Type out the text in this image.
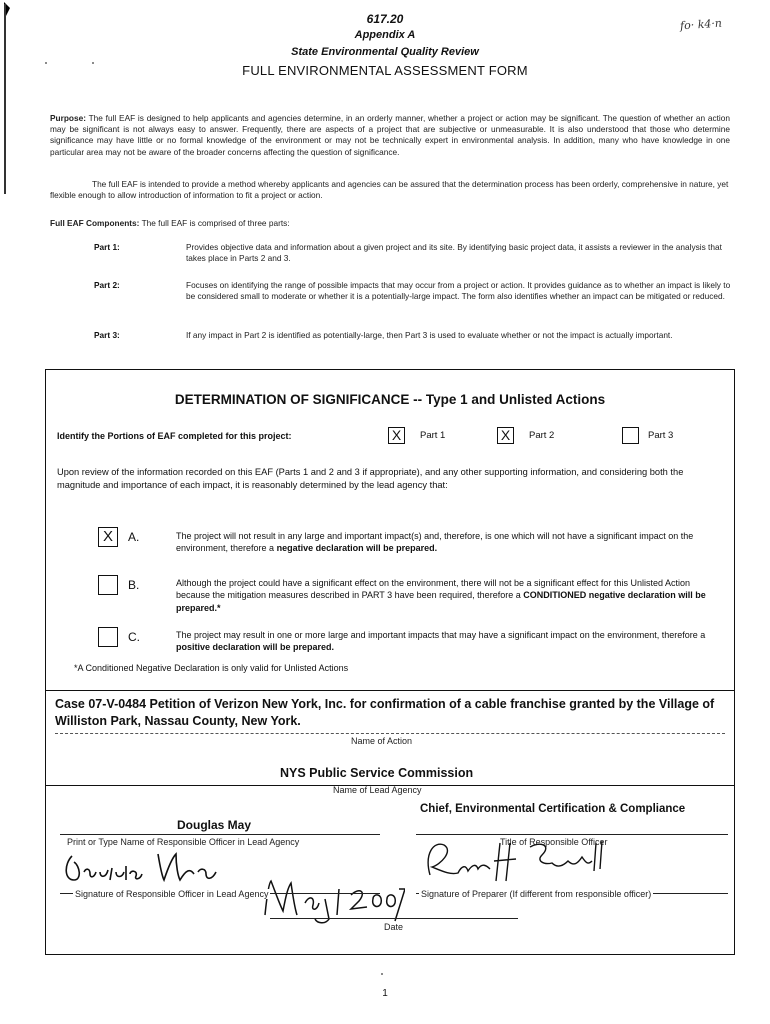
fo· k4·n
617.20
Appendix A
State Environmental Quality Review
FULL ENVIRONMENTAL ASSESSMENT FORM
Purpose: The full EAF is designed to help applicants and agencies determine, in an orderly manner, whether a project or action may be significant. The question of whether an action may be significant is not always easy to answer. Frequently, there are aspects of a project that are subjective or unmeasurable. It is also understood that those who determine significance may have little or no formal knowledge of the environment or may not be technically expert in environmental analysis. In addition, many who have knowledge in one particular area may not be aware of the broader concerns affecting the question of significance.
The full EAF is intended to provide a method whereby applicants and agencies can be assured that the determination process has been orderly, comprehensive in nature, yet flexible enough to allow introduction of information to fit a project or action.
Full EAF Components: The full EAF is comprised of three parts:
Part 1:	Provides objective data and information about a given project and its site. By identifying basic project data, it assists a reviewer in the analysis that takes place in Parts 2 and 3.
Part 2:	Focuses on identifying the range of possible impacts that may occur from a project or action. It provides guidance as to whether an impact is likely to be considered small to moderate or whether it is a potentially-large impact. The form also identifies whether an impact can be mitigated or reduced.
Part 3:	If any impact in Part 2 is identified as potentially-large, then Part 3 is used to evaluate whether or not the impact is actually important.
DETERMINATION OF SIGNIFICANCE -- Type 1 and Unlisted Actions
Identify the Portions of EAF completed for this project:	X	Part 1	X	Part 2	Part 3
Upon review of the information recorded on this EAF (Parts 1 and 2 and 3 if appropriate), and any other supporting information, and considering both the magnitude and importance of each impact, it is reasonably determined by the lead agency that:
X	A.	The project will not result in any large and important impact(s) and, therefore, is one which will not have a significant impact on the environment, therefore a negative declaration will be prepared.
B.	Although the project could have a significant effect on the environment, there will not be a significant effect for this Unlisted Action because the mitigation measures described in PART 3 have been required, therefore a CONDITIONED negative declaration will be prepared.*
C.	The project may result in one or more large and important impacts that may have a significant impact on the environment, therefore a positive declaration will be prepared.
*A Conditioned Negative Declaration is only valid for Unlisted Actions
Case 07-V-0484 Petition of Verizon New York, Inc. for confirmation of a cable franchise granted by the Village of Williston Park, Nassau County, New York.
Name of Action
NYS Public Service Commission
Name of Lead Agency
Douglas May
Chief, Environmental Certification & Compliance
Print or Type Name of Responsible Officer in Lead Agency	Title of Responsible Officer
Signature of Responsible Officer in Lead Agency	Signature of Preparer (If different from responsible officer)
Date
1
